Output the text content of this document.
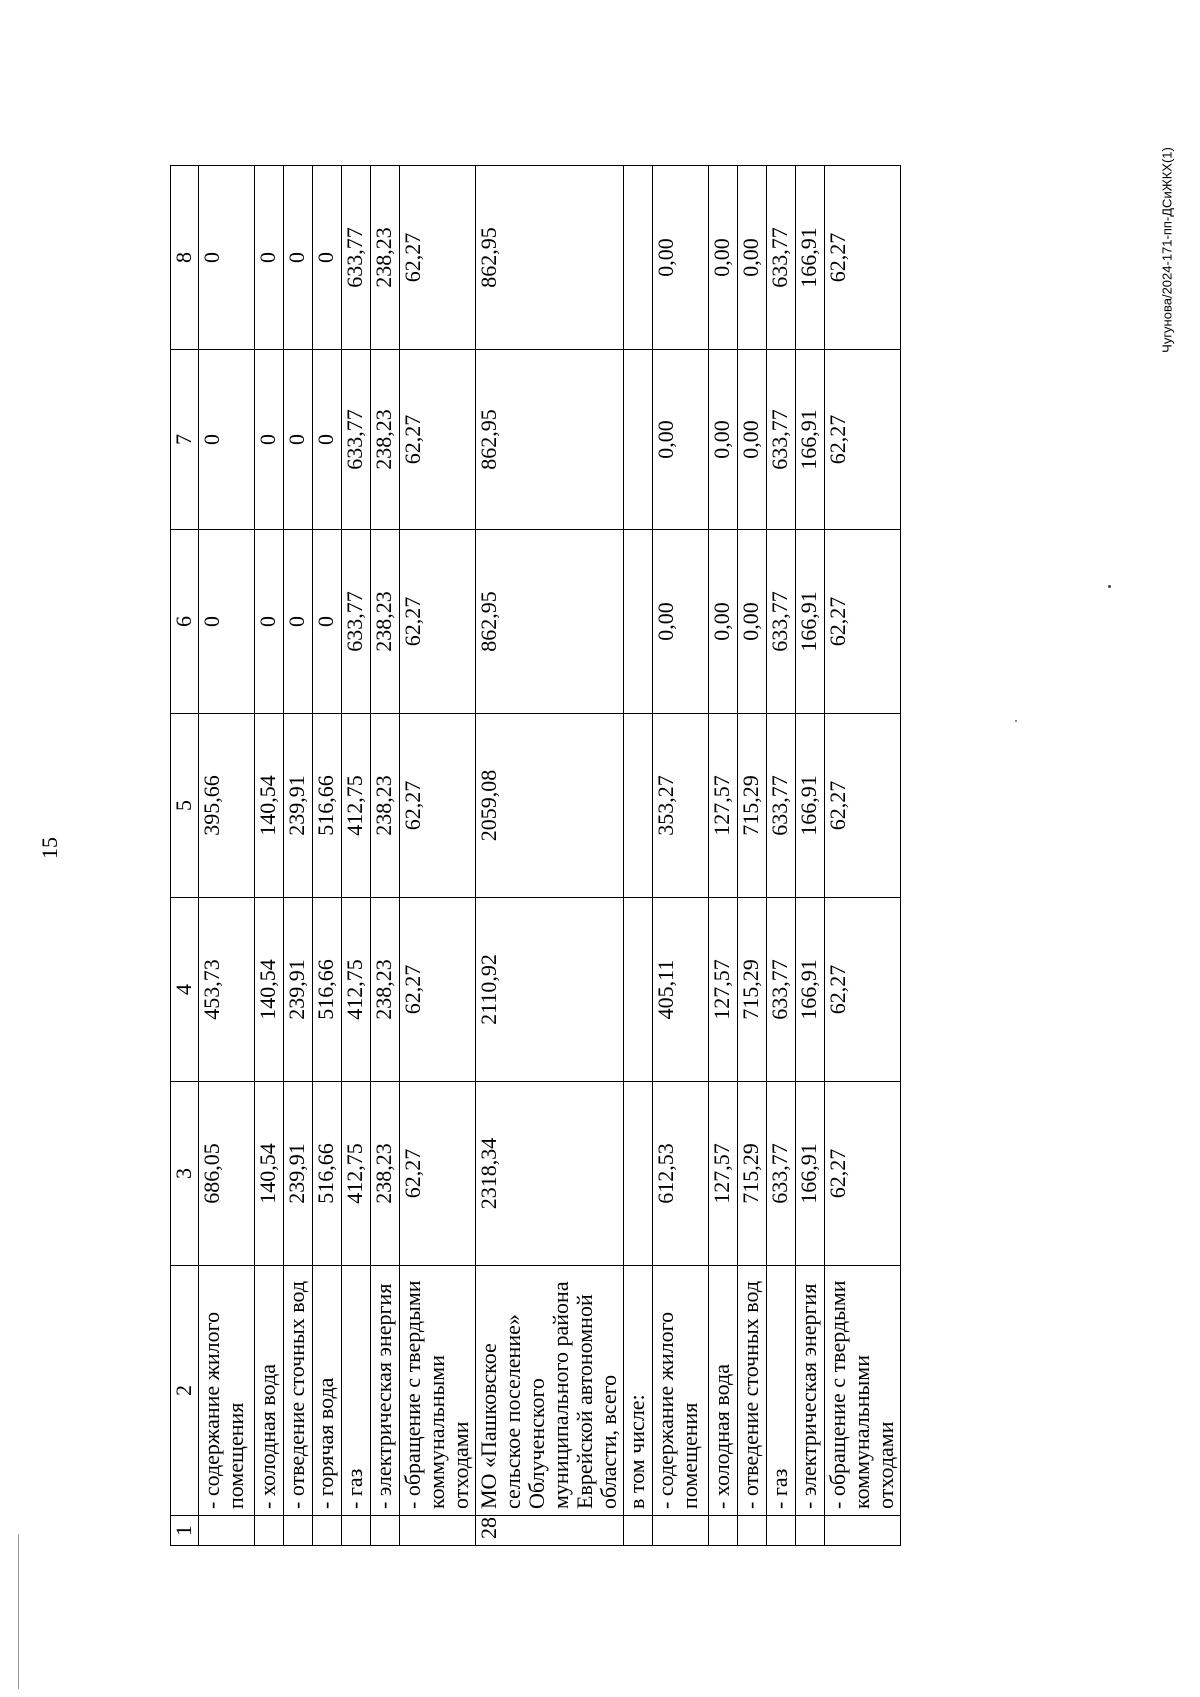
15
Чугунова/2024-171-пп-ДСиЖКХ(1)
1	2	3	4	5	6	7	8
	- содержание жилого помещения	686,05	453,73	395,66	0	0	0
	- холодная вода	140,54	140,54	140,54	0	0	0
	- отведение сточных вод	239,91	239,91	239,91	0	0	0
	- горячая вода	516,66	516,66	516,66	0	0	0
	- газ	412,75	412,75	412,75	633,77	633,77	633,77
	- электрическая энергия	238,23	238,23	238,23	238,23	238,23	238,23
	- обращение с твердыми коммунальными отходами	62,27	62,27	62,27	62,27	62,27	62,27
28	МО «Пашковское сельское поселение» Облученского муниципального района Еврейской автономной области, всего	2318,34	2110,92	2059,08	862,95	862,95	862,95
	в том числе:						
	- содержание жилого помещения	612,53	405,11	353,27	0,00	0,00	0,00
	- холодная вода	127,57	127,57	127,57	0,00	0,00	0,00
	- отведение сточных вод	715,29	715,29	715,29	0,00	0,00	0,00
	- газ	633,77	633,77	633,77	633,77	633,77	633,77
	- электрическая энергия	166,91	166,91	166,91	166,91	166,91	166,91
	- обращение с твердыми коммунальными отходами	62,27	62,27	62,27	62,27	62,27	62,27
